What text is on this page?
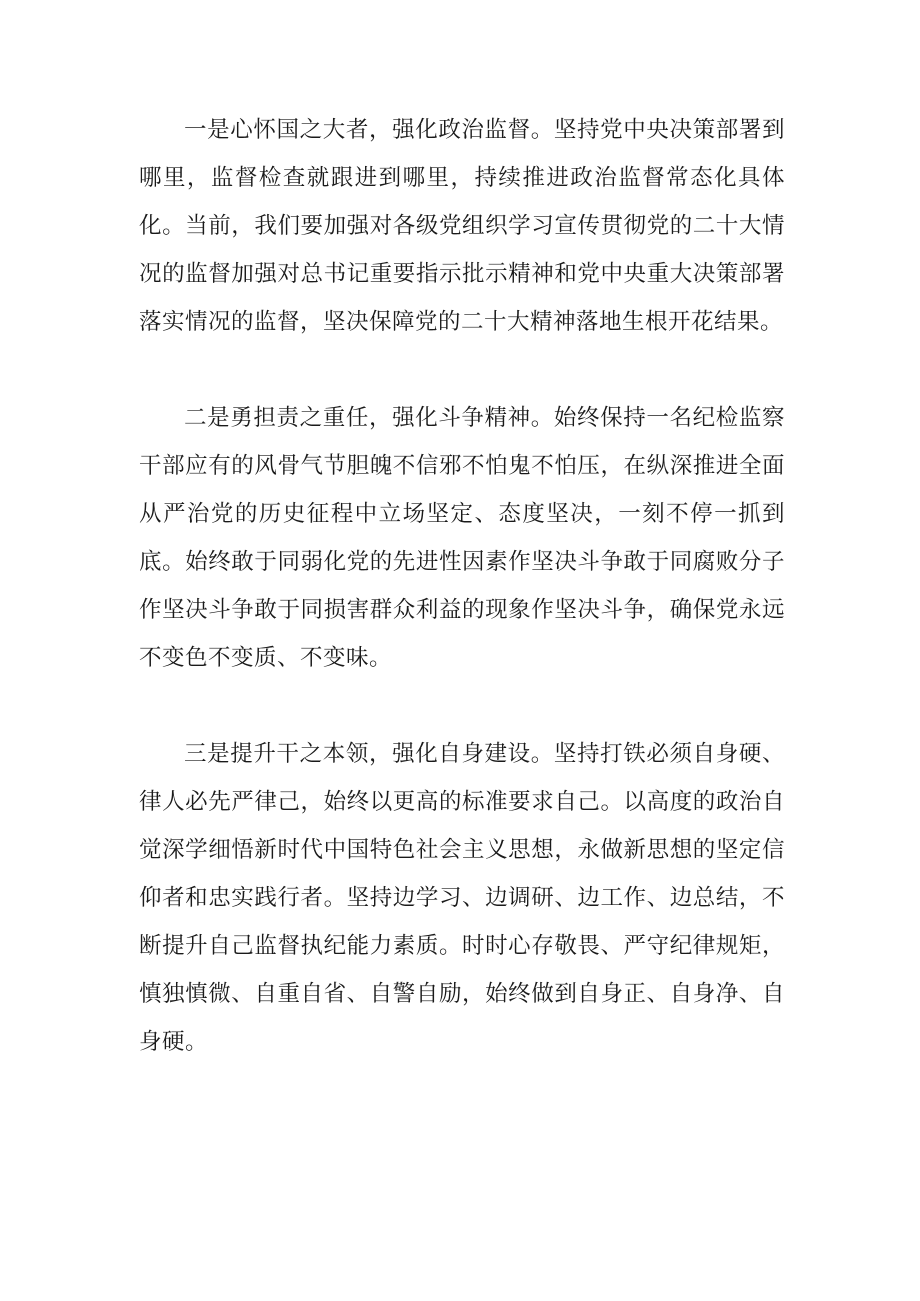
一是心怀国之大者，强化政治监督。坚持党中央决策部署到哪里，监督检查就跟进到哪里，持续推进政治监督常态化具体化。当前，我们要加强对各级党组织学习宣传贯彻党的二十大情况的监督加强对总书记重要指示批示精神和党中央重大决策部署落实情况的监督，坚决保障党的二十大精神落地生根开花结果。

二是勇担责之重任，强化斗争精神。始终保持一名纪检监察干部应有的风骨气节胆魄不信邪不怕鬼不怕压，在纵深推进全面从严治党的历史征程中立场坚定、态度坚决，一刻不停一抓到底。始终敢于同弱化党的先进性因素作坚决斗争敢于同腐败分子作坚决斗争敢于同损害群众利益的现象作坚决斗争，确保党永远不变色不变质、不变味。

三是提升干之本领，强化自身建设。坚持打铁必须自身硬、律人必先严律己，始终以更高的标准要求自己。以高度的政治自觉深学细悟新时代中国特色社会主义思想，永做新思想的坚定信仰者和忠实践行者。坚持边学习、边调研、边工作、边总结，不断提升自己监督执纪能力素质。时时心存敬畏、严守纪律规矩，慎独慎微、自重自省、自警自励，始终做到自身正、自身净、自身硬。
